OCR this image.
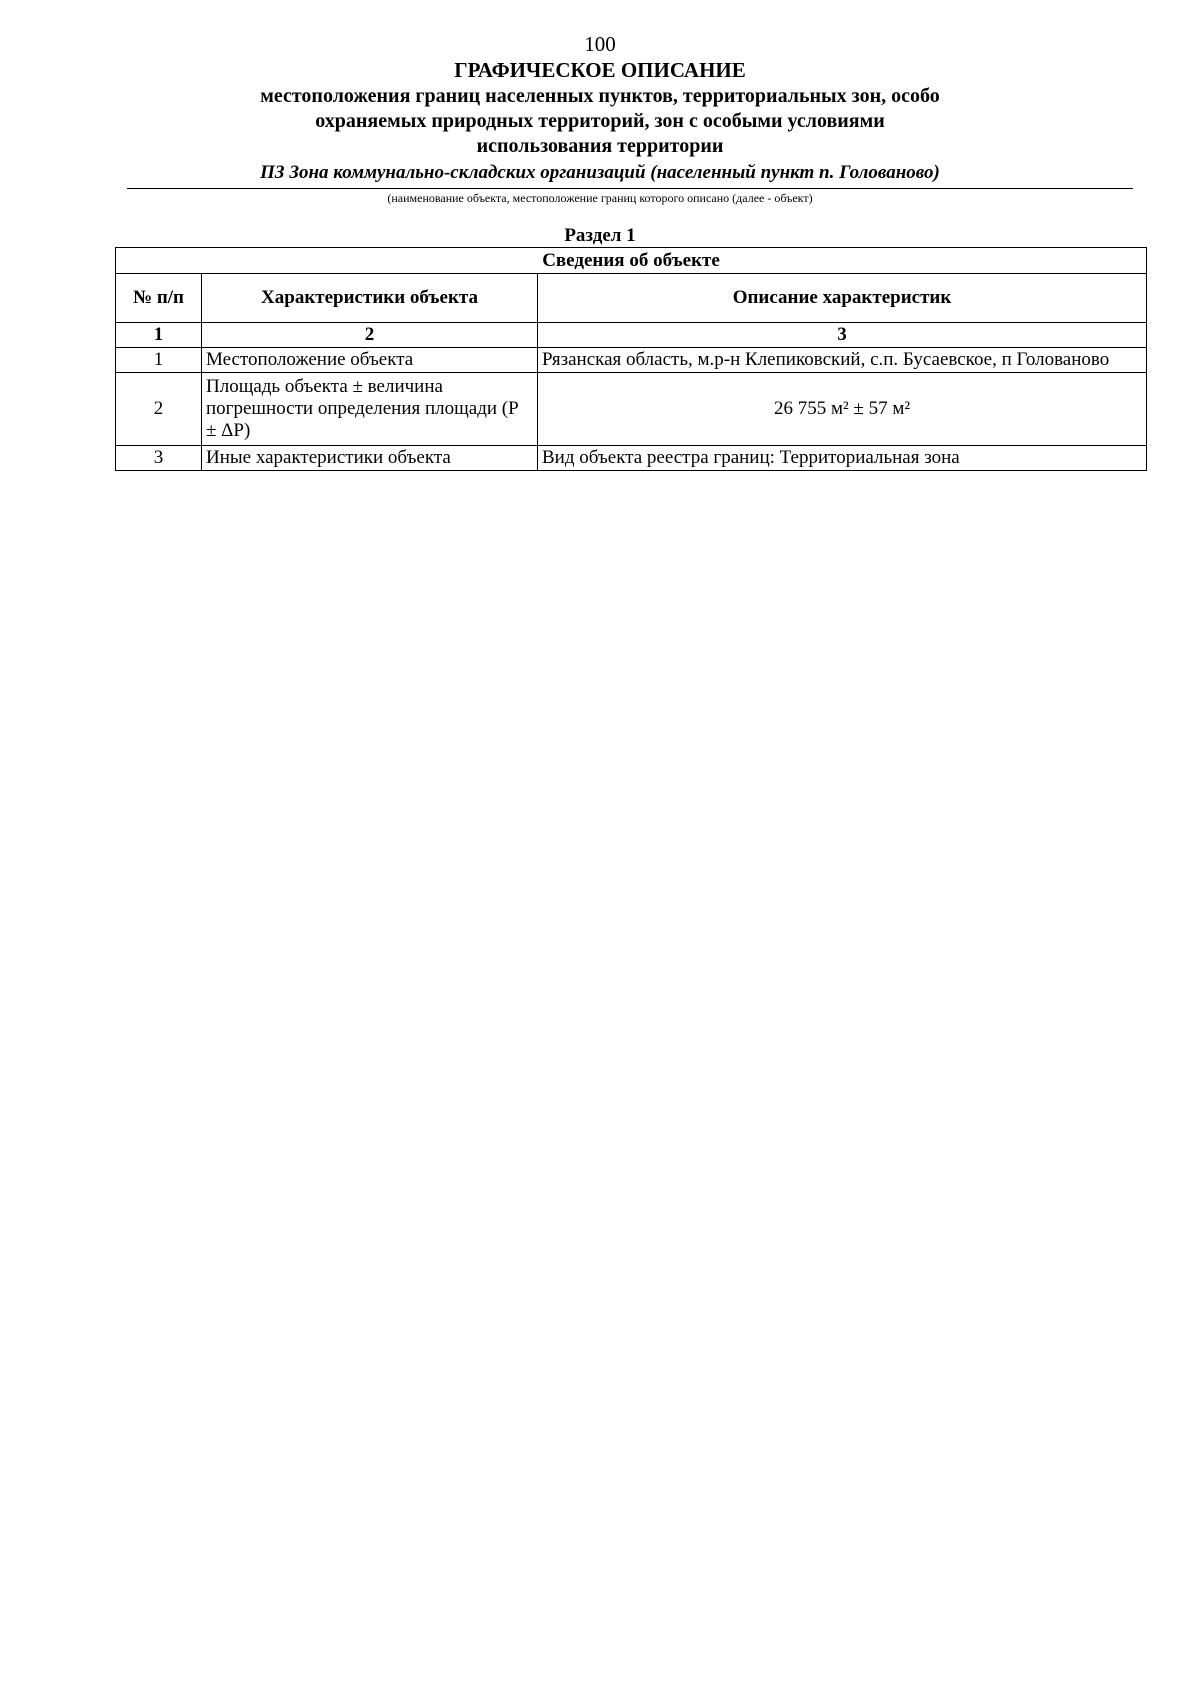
100
ГРАФИЧЕСКОЕ ОПИСАНИЕ
местоположения границ населенных пунктов, территориальных зон, особо охраняемых природных территорий, зон с особыми условиями использования территории
ПЗ Зона коммунально-складских организаций (населенный пункт п. Голованово)
(наименование объекта, местоположение границ которого описано (далее - объект)
Раздел 1
Сведения об объекте		
№ п/п	Характеристики объекта	Описание характеристик
1	2	3
1	Местоположение объекта	Рязанская область, м.р-н Клепиковский, с.п. Бусаевское, п Голованово
2	Площадь объекта ± величина погрешности определения площади (P ± ΔP)	26 755 м² ± 57 м²
3	Иные характеристики объекта	Вид объекта реестра границ: Территориальная зона
